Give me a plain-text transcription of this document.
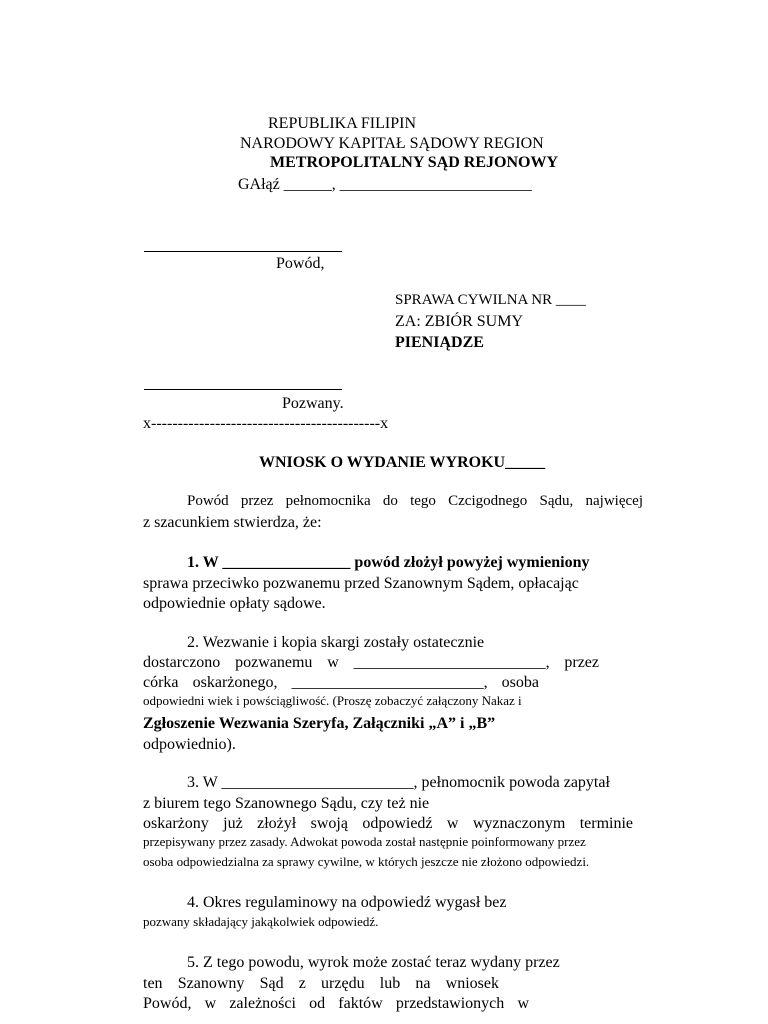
REPUBLIKA FILIPIN
NARODOWY KAPITAŁ SĄDOWY REGION
METROPOLITALNY SĄD REJONOWY
GAłąź ______, ________________________
Powód,
SPRAWA CYWILNA NR ____
ZA: ZBIÓR SUMY
PIENIĄDZE
Pozwany.
x-------------------------------------------x
WNIOSK O WYDANIE WYROKU_____
Powód przez pełnomocnika do tego Czcigodnego Sądu, najwięcej
z szacunkiem stwierdza, że:
1. W ________________ powód złożył powyżej wymieniony
sprawa przeciwko pozwanemu przed Szanownym Sądem, opłacając
odpowiednie opłaty sądowe.
2. Wezwanie i kopia skargi zostały ostatecznie
dostarczono pozwanemu w ________________________, przez
córka oskarżonego, ________________________, osoba
odpowiedni wiek i powściągliwość. (Proszę zobaczyć załączony Nakaz i
Zgłoszenie Wezwania Szeryfa, Załączniki „A” i „B”
odpowiednio).
3. W ________________________, pełnomocnik powoda zapytał
z biurem tego Szanownego Sądu, czy też nie
oskarżony już złożył swoją odpowiedź w wyznaczonym terminie
przepisywany przez zasady. Adwokat powoda został następnie poinformowany przez
osoba odpowiedzialna za sprawy cywilne, w których jeszcze nie złożono odpowiedzi.
4. Okres regulaminowy na odpowiedź wygasł bez
pozwany składający jakąkolwiek odpowiedź.
5. Z tego powodu, wyrok może zostać teraz wydany przez
ten Szanowny Sąd z urzędu lub na wniosek
Powód, w zależności od faktów przedstawionych w
